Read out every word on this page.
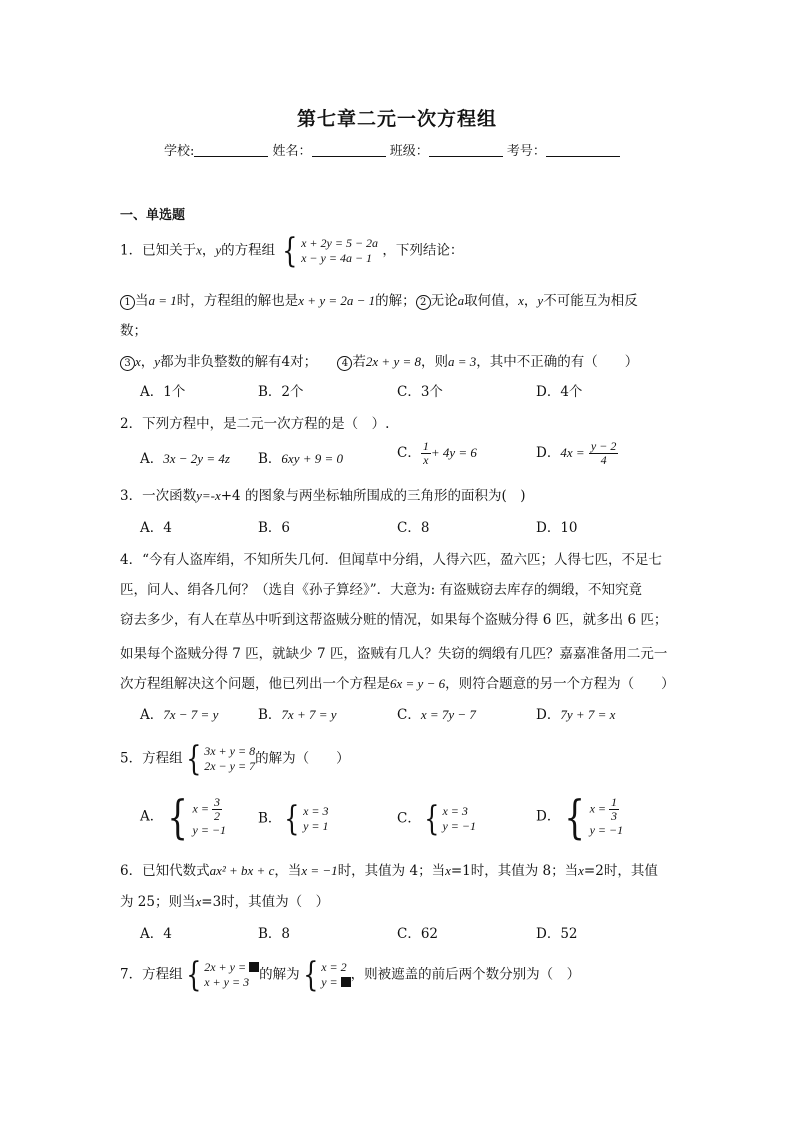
第七章二元一次方程组
学校:	姓名：	班级：	考号：
一、单选题
1．已知关于x，y的方程组 { x + 2y = 5 − 2a
x − y = 4a − 1 ，下列结论：
1 当a = 1时，方程组的解也是x + y = 2a − 1的解； 2 无论a取何值，x，y不可能互为相反
数；
3 x，y都为非负整数的解有4对；　　	4 若2x + y = 8，则a = 3，其中不正确的有（　　）
A．1个	B．2个	C．3个	D．4个
2．下列方程中，是二元一次方程的是（　）.
A．3x − 2y = 4z B．6xy + 9 = 0	C． $\frac{1}{x} + 4y = 6$	D．$4x = \frac{y - 2}{4}$
3．一次函数y=-x+4 的图象与两坐标轴所围成的三角形的面积为(　)
A．4	B．6	C．8	D．10
4．“今有人盗库绢，不知所失几何．但闻草中分绢，人得六匹，盈六匹；人得七匹，不足七
匹，问人、绢各几何？（选自《孙子算经》”．大意为: 有盗贼窃去库存的绸缎，不知究竟
窃去多少，有人在草丛中听到这帮盗贼分赃的情况，如果每个盗贼分得 6 匹，就多出 6 匹；
如果每个盗贼分得 7 匹，就缺少 7 匹，盗贼有几人？失窃的绸缎有几匹？嘉嘉准备用二元一
次方程组解决这个问题，他已列出一个方程是6x = y − 6，则符合题意的另一个方程为（　　）
A．7x − 7 = y	B．7x + 7 = y	C．x = 7y − 7	D．7y + 7 = x
5．方程组{ 3x + y = 8
2x − y = 7 的解为（　　）
A．{ $x = \frac{3}{2}$
y = −1
B．{ x = 3
y = 1	C．{ x = 3
y = −1
D．{ $x = \frac{1}{3}$
y = −1
6．已知代数式ax² + bx + c，当x = −1时，其值为 4；当x=1时，其值为 8；当x=2时，其值
为 25；则当x=3时，其值为（　）
A．4	B．8	C．62	D．52
7．方程组{ 2x + y =
x + y = 3 的解为{ x = 2
y = ，则被遮盖的前后两个数分别为（　）
